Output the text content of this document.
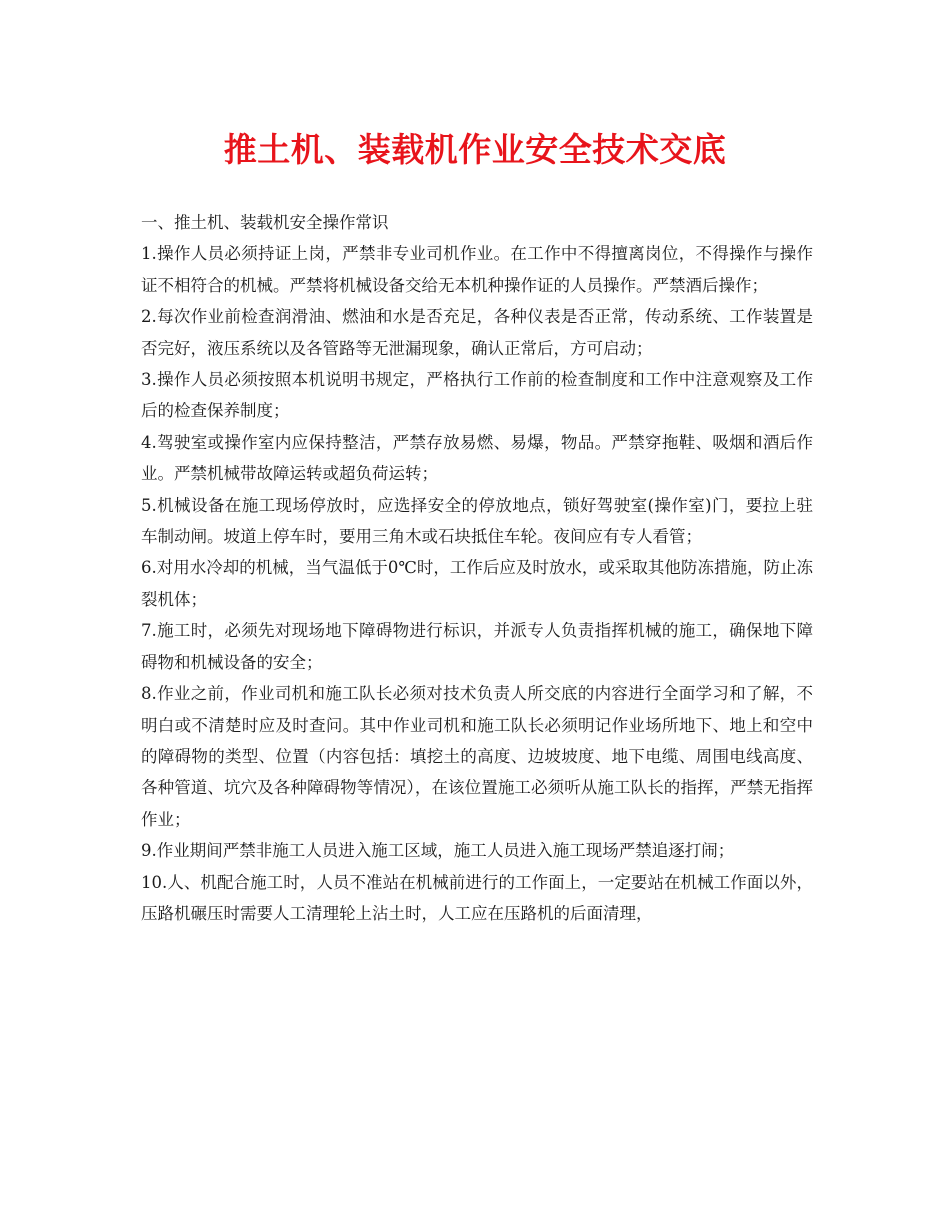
推土机、装载机作业安全技术交底

一、推土机、装载机安全操作常识

1.操作人员必须持证上岗，严禁非专业司机作业。在工作中不得擅离岗位，不得操作与操作证不相符合的机械。严禁将机械设备交给无本机种操作证的人员操作。严禁酒后操作；

2.每次作业前检查润滑油、燃油和水是否充足，各种仪表是否正常，传动系统、工作装置是否完好，液压系统以及各管路等无泄漏现象，确认正常后，方可启动；

3.操作人员必须按照本机说明书规定，严格执行工作前的检查制度和工作中注意观察及工作后的检查保养制度；

4.驾驶室或操作室内应保持整洁，严禁存放易燃、易爆，物品。严禁穿拖鞋、吸烟和酒后作业。严禁机械带故障运转或超负荷运转；

5.机械设备在施工现场停放时，应选择安全的停放地点，锁好驾驶室(操作室)门，要拉上驻车制动闸。坡道上停车时，要用三角木或石块抵住车轮。夜间应有专人看管；

6.对用水冷却的机械，当气温低于0℃时，工作后应及时放水，或采取其他防冻措施，防止冻裂机体；

7.施工时，必须先对现场地下障碍物进行标识，并派专人负责指挥机械的施工，确保地下障碍物和机械设备的安全；

8.作业之前，作业司机和施工队长必须对技术负责人所交底的内容进行全面学习和了解，不明白或不清楚时应及时查问。其中作业司机和施工队长必须明记作业场所地下、地上和空中的障碍物的类型、位置（内容包括：填挖土的高度、边坡坡度、地下电缆、周围电线高度、各种管道、坑穴及各种障碍物等情况），在该位置施工必须听从施工队长的指挥，严禁无指挥作业；

9.作业期间严禁非施工人员进入施工区域，施工人员进入施工现场严禁追逐打闹；

10.人、机配合施工时，人员不准站在机械前进行的工作面上，一定要站在机械工作面以外，压路机碾压时需要人工清理轮上沾土时，人工应在压路机的后面清理，
